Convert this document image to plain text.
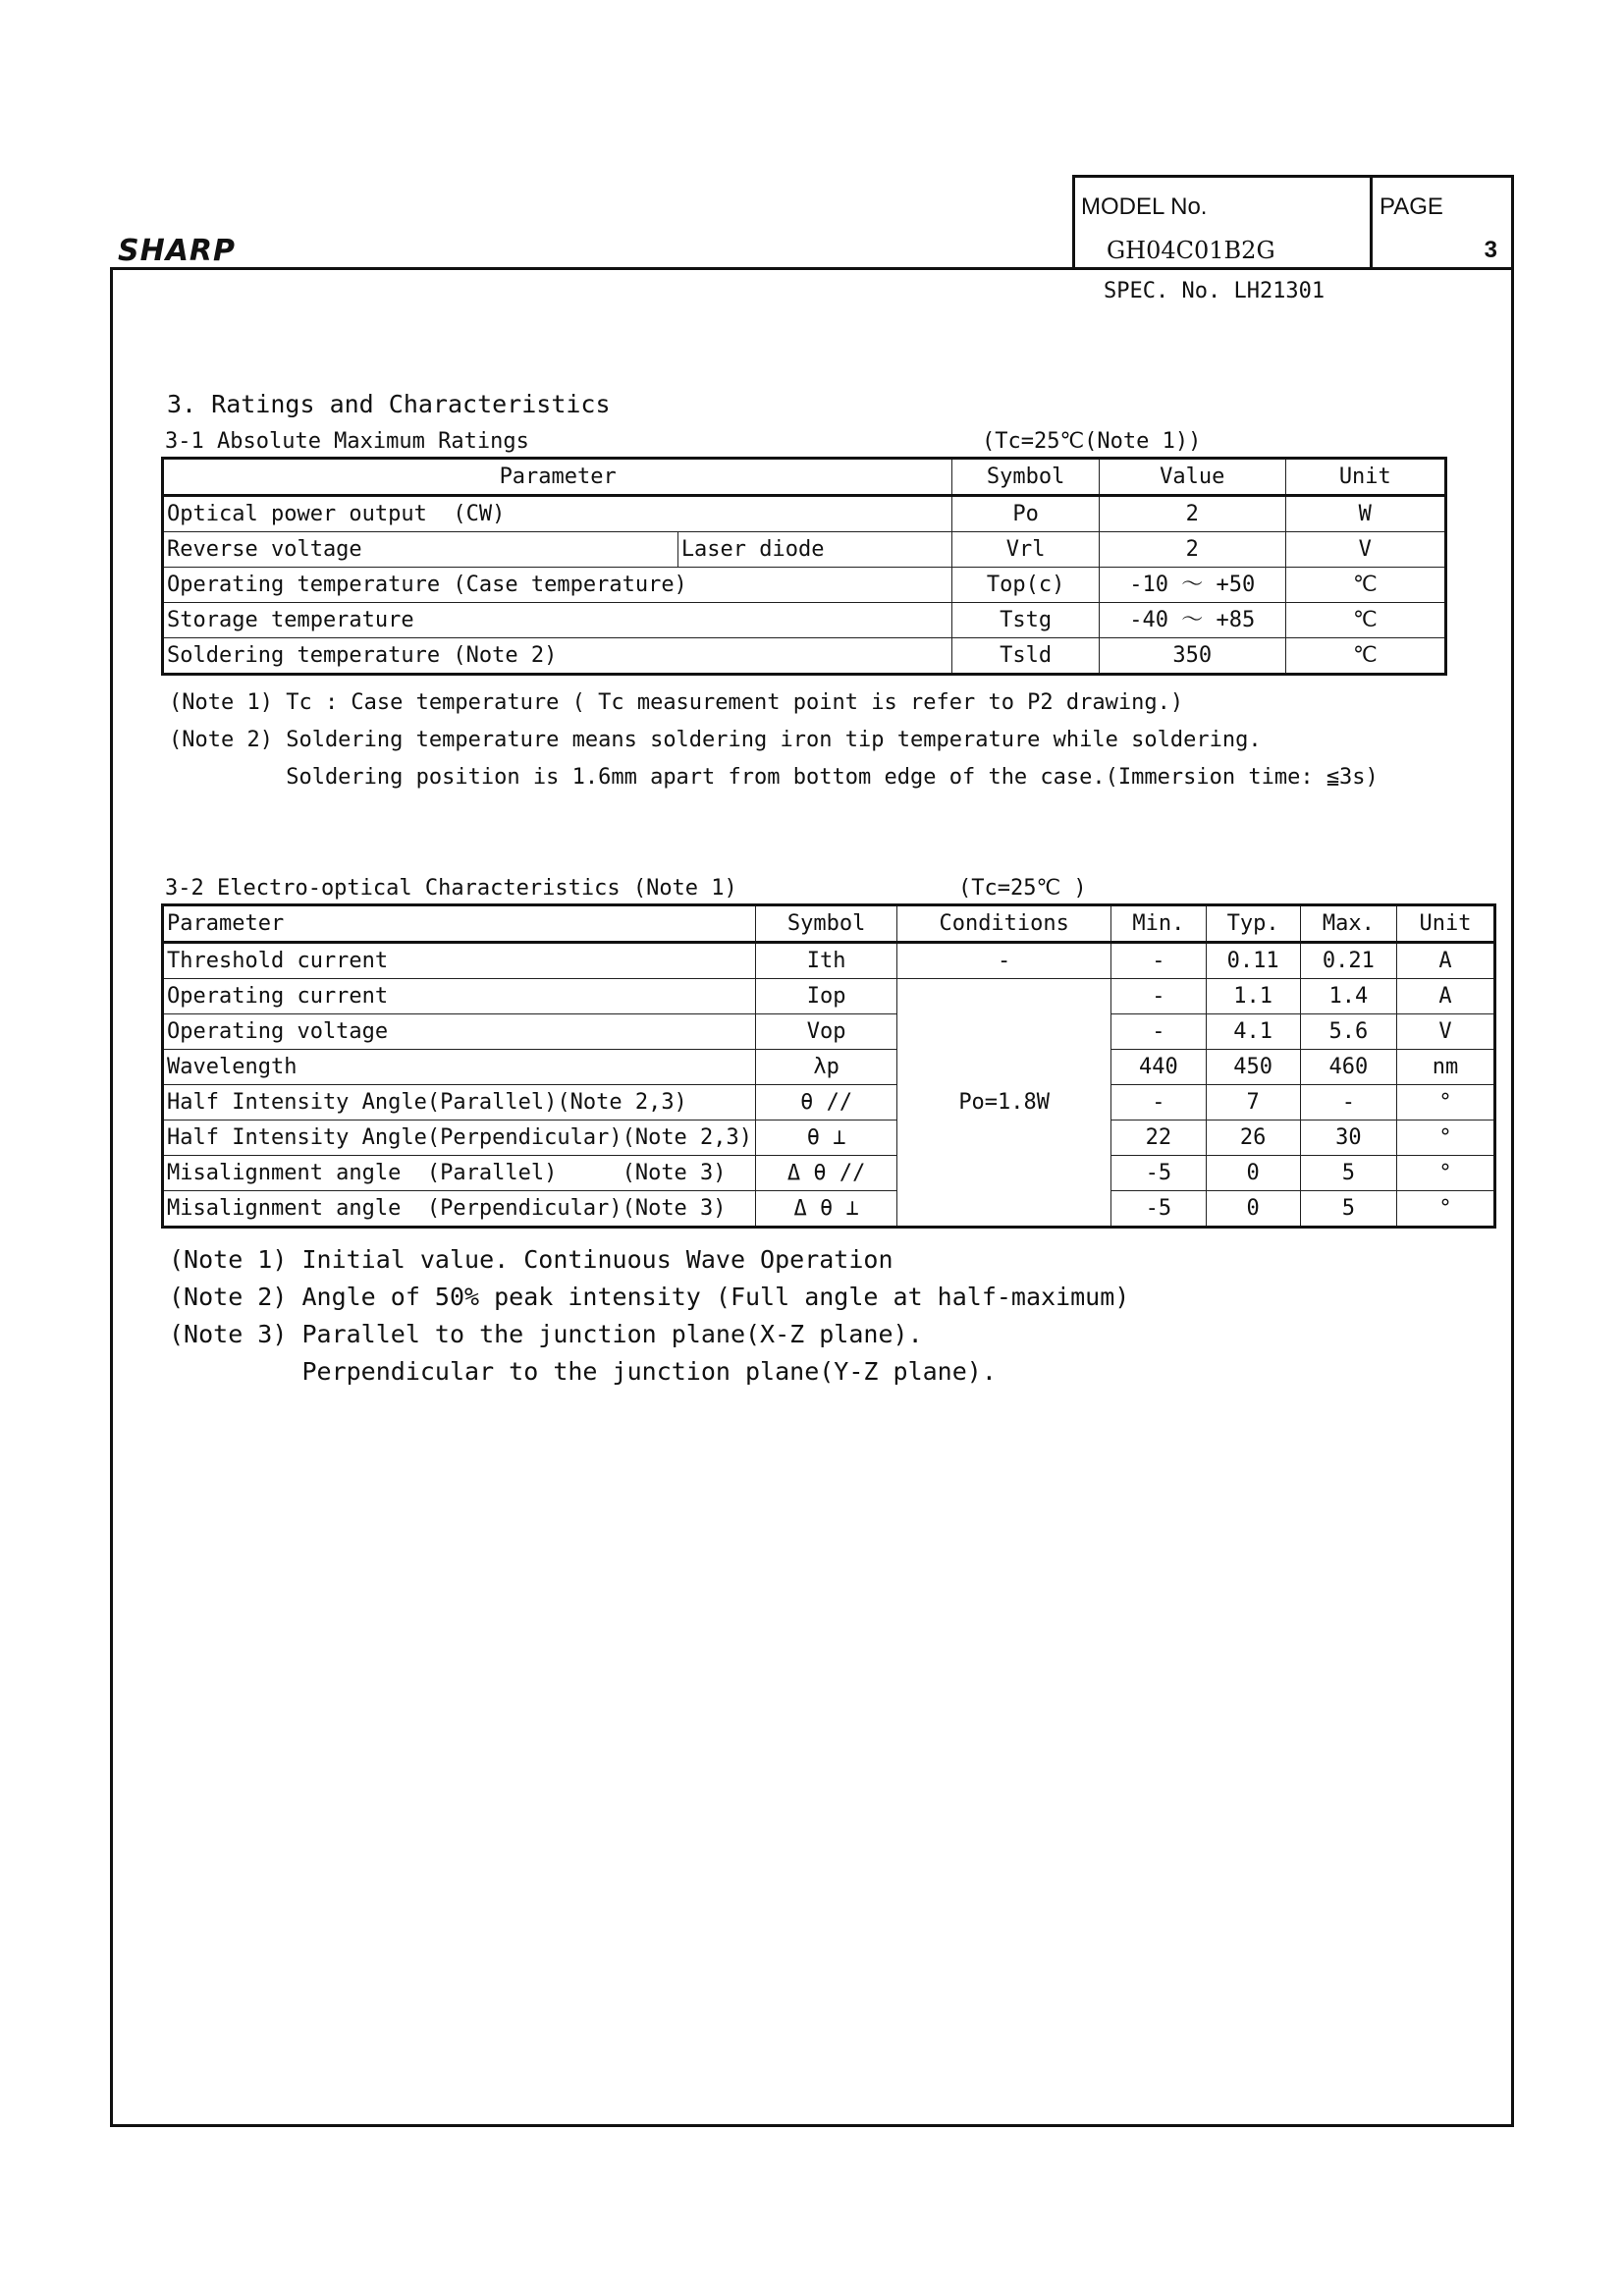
SHARP
MODEL No.
GH04C01B2G
PAGE
3
SPEC. No. LH21301
3. Ratings and Characteristics
3-1 Absolute Maximum Ratings	(Tc=25℃(Note 1))
Parameter		Symbol	Value	Unit
Optical power output  (CW)		Po	2	W
Reverse voltage	Laser diode	Vrl	2	V
Operating temperature (Case temperature)		Top(c)	-10 ～ +50	℃
Storage temperature		Tstg	-40 ～ +85	℃
Soldering temperature (Note 2)		Tsld	350	℃
(Note 1) Tc : Case temperature ( Tc measurement point is refer to P2 drawing.)
(Note 2) Soldering temperature means soldering iron tip temperature while soldering.
Soldering position is 1.6mm apart from bottom edge of the case.(Immersion time: ≦3s)
3-2 Electro-optical Characteristics (Note 1)	(Tc=25℃ )
Parameter	Symbol	Conditions	Min.	Typ.	Max.	Unit
Threshold current	Ith	-	-	0.11	0.21	A
Operating current	Iop	Po=1.8W	-	1.1	1.4	A
Operating voltage	Vop		-	4.1	5.6	V
Wavelength	λp		440	450	460	nm
Half Intensity Angle(Parallel)(Note 2,3)	θ //		-	7	-	°
Half Intensity Angle(Perpendicular)(Note 2,3)	θ ⊥		22	26	30	°
Misalignment angle  (Parallel)     (Note 3)	Δ θ //		-5	0	5	°
Misalignment angle  (Perpendicular)(Note 3)	Δ θ ⊥		-5	0	5	°
(Note 1) Initial value. Continuous Wave Operation
(Note 2) Angle of 50% peak intensity (Full angle at half-maximum)
(Note 3) Parallel to the junction plane(X-Z plane).
Perpendicular to the junction plane(Y-Z plane).
